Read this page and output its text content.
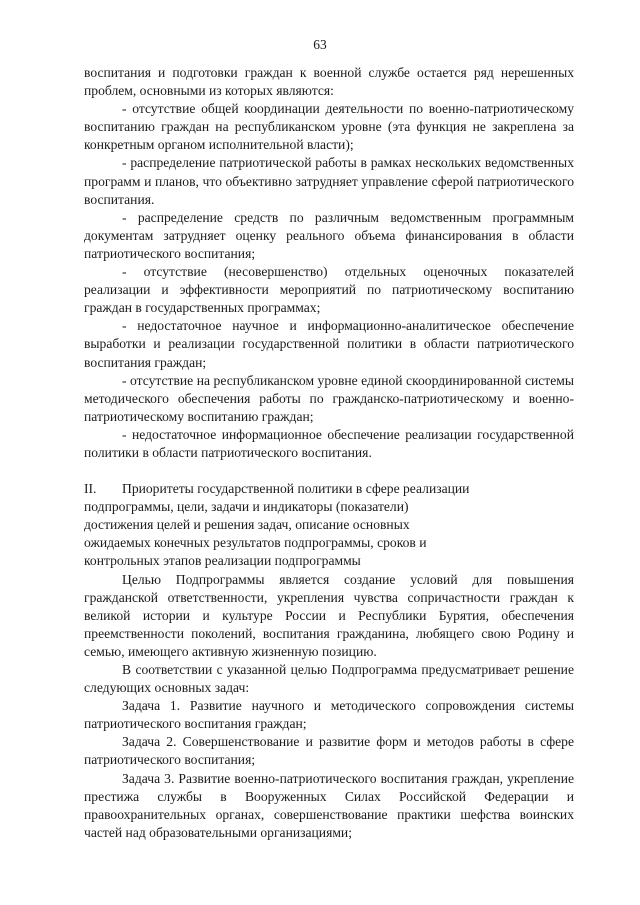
63

воспитания и подготовки граждан к военной службе остается ряд нерешенных проблем, основными из которых являются:

- отсутствие общей координации деятельности по военно-патриотическому воспитанию граждан на республиканском уровне (эта функция не закреплена за конкретным органом исполнительной власти);

- распределение патриотической работы в рамках нескольких ведомственных программ и планов, что объективно затрудняет управление сферой патриотического воспитания.

- распределение средств по различным ведомственным программным документам затрудняет оценку реального объема финансирования в области патриотического воспитания;

- отсутствие (несовершенство) отдельных оценочных показателей реализации и эффективности мероприятий по патриотическому воспитанию граждан в государственных программах;

- недостаточное научное и информационно-аналитическое обеспечение выработки и реализации государственной политики в области патриотического воспитания граждан;

- отсутствие на республиканском уровне единой скоординированной системы методического обеспечения работы по гражданско-патриотическому и военно-патриотическому воспитанию граждан;

- недостаточное информационное обеспечение реализации государственной политики в области патриотического воспитания.

II. Приоритеты государственной политики в сфере реализации
подпрограммы, цели, задачи и индикаторы (показатели)
достижения целей и решения задач, описание основных
ожидаемых конечных результатов подпрограммы, сроков и
контрольных этапов реализации подпрограммы

Целью Подпрограммы является создание условий для повышения гражданской ответственности, укрепления чувства сопричастности граждан к великой истории и культуре России и Республики Бурятия, обеспечения преемственности поколений, воспитания гражданина, любящего свою Родину и семью, имеющего активную жизненную позицию.

В соответствии с указанной целью Подпрограмма предусматривает решение следующих основных задач:

Задача 1. Развитие научного и методического сопровождения системы патриотического воспитания граждан;

Задача 2. Совершенствование и развитие форм и методов работы в сфере патриотического воспитания;

Задача 3. Развитие военно-патриотического воспитания граждан, укрепление престижа службы в Вооруженных Силах Российской Федерации и правоохранительных органах, совершенствование практики шефства воинских частей над образовательными организациями;
